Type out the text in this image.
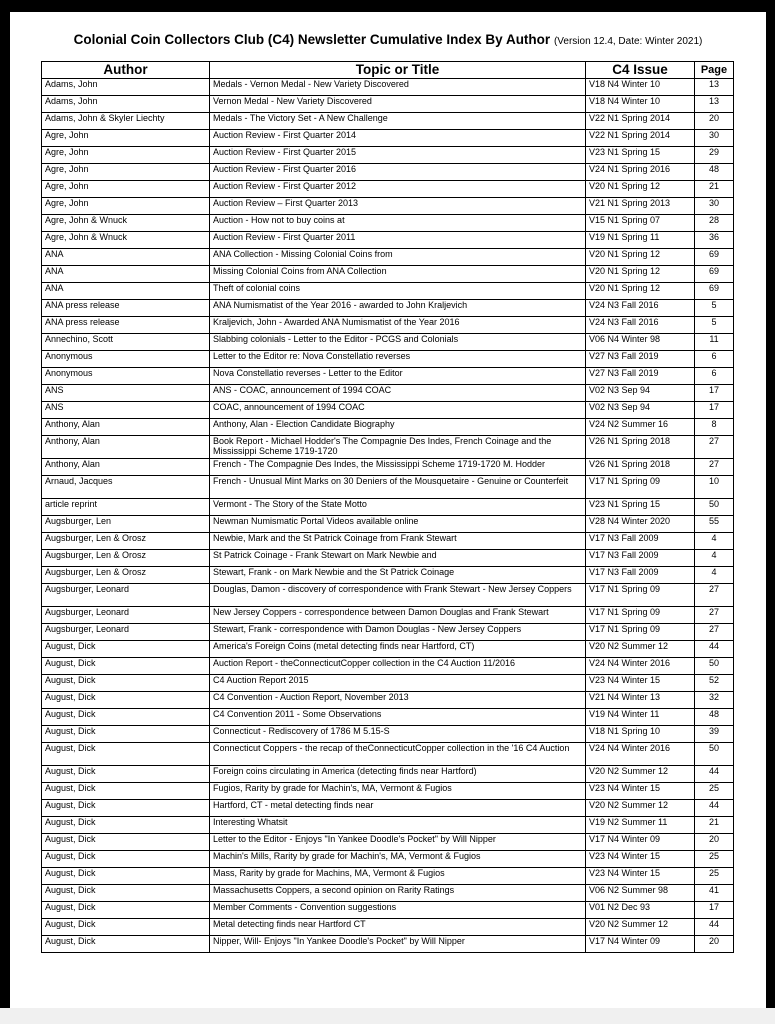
Colonial Coin Collectors Club (C4) Newsletter Cumulative Index By Author (Version 12.4, Date: Winter 2021)
Author	Topic or Title	C4 Issue	Page
Adams, John	Medals - Vernon Medal - New Variety Discovered	V18 N4 Winter 10	13
Adams, John	Vernon Medal - New Variety Discovered	V18 N4 Winter 10	13
Adams, John & Skyler Liechty	Medals - The Victory Set - A New Challenge	V22 N1 Spring 2014	20
Agre, John	Auction Review - First Quarter 2014	V22 N1 Spring 2014	30
Agre, John	Auction Review - First Quarter 2015	V23 N1 Spring 15	29
Agre, John	Auction Review - First Quarter 2016	V24 N1 Spring 2016	48
Agre, John	Auction Review - First Quarter 2012	V20 N1 Spring 12	21
Agre, John	Auction Review – First Quarter 2013	V21 N1 Spring 2013	30
Agre, John & Wnuck	Auction - How not to buy coins at	V15 N1 Spring 07	28
Agre, John & Wnuck	Auction Review - First Quarter 2011	V19 N1 Spring 11	36
ANA	ANA Collection - Missing Colonial Coins from	V20 N1 Spring 12	69
ANA	Missing Colonial Coins from ANA Collection	V20 N1 Spring 12	69
ANA	Theft of colonial coins	V20 N1 Spring 12	69
ANA press release	ANA Numismatist of the Year 2016 - awarded to John Kraljevich	V24 N3 Fall 2016	5
ANA press release	Kraljevich, John - Awarded ANA Numismatist of the Year 2016	V24 N3 Fall 2016	5
Annechino, Scott	Slabbing colonials - Letter to the Editor - PCGS and Colonials	V06 N4 Winter 98	11
Anonymous	Letter to the Editor re: Nova Constellatio reverses	V27 N3 Fall 2019	6
Anonymous	Nova Constellatio reverses - Letter to the Editor	V27 N3 Fall 2019	6
ANS	ANS - COAC, announcement of 1994 COAC	V02 N3 Sep 94	17
ANS	COAC, announcement of 1994 COAC	V02 N3 Sep 94	17
Anthony, Alan	Anthony, Alan - Election Candidate Biography	V24 N2 Summer 16	8
Anthony, Alan	Book Report - Michael Hodder's The Compagnie Des Indes, French Coinage and the Mississippi Scheme 1719-1720	V26 N1 Spring 2018	27
Anthony, Alan	French - The Compagnie Des Indes, the Mississippi Scheme 1719-1720 M. Hodder	V26 N1 Spring 2018	27
Arnaud, Jacques	French - Unusual Mint Marks on 30 Deniers of the Mousquetaire - Genuine or Counterfeit	V17 N1 Spring 09	10
article reprint	Vermont - The Story of the State Motto	V23 N1 Spring 15	50
Augsburger, Len	Newman Numismatic Portal Videos available online	V28 N4 Winter 2020	55
Augsburger, Len & Orosz	Newbie, Mark and the St Patrick Coinage from Frank Stewart	V17 N3 Fall 2009	4
Augsburger, Len & Orosz	St Patrick Coinage - Frank Stewart on Mark Newbie and	V17 N3 Fall 2009	4
Augsburger, Len & Orosz	Stewart, Frank - on Mark Newbie and the St Patrick Coinage	V17 N3 Fall 2009	4
Augsburger, Leonard	Douglas, Damon - discovery of correspondence with Frank Stewart - New Jersey Coppers	V17 N1 Spring 09	27
Augsburger, Leonard	New Jersey Coppers - correspondence between Damon Douglas and Frank Stewart	V17 N1 Spring 09	27
Augsburger, Leonard	Stewart, Frank - correspondence with Damon Douglas - New Jersey Coppers	V17 N1 Spring 09	27
August, Dick	America's Foreign Coins (metal detecting finds near Hartford, CT)	V20 N2 Summer 12	44
August, Dick	Auction Report - theConnecticutCopper collection in the C4 Auction 11/2016	V24 N4 Winter 2016	50
August, Dick	C4 Auction Report 2015	V23 N4 Winter 15	52
August, Dick	C4 Convention - Auction Report, November 2013	V21 N4 Winter 13	32
August, Dick	C4 Convention 2011 - Some Observations	V19 N4 Winter 11	48
August, Dick	Connecticut - Rediscovery of 1786 M 5.15-S	V18 N1 Spring 10	39
August, Dick	Connecticut Coppers - the recap of theConnecticutCopper collection in the '16 C4 Auction	V24 N4 Winter 2016	50
August, Dick	Foreign coins circulating in America (detecting finds near Hartford)	V20 N2 Summer 12	44
August, Dick	Fugios, Rarity by grade for Machin's, MA, Vermont & Fugios	V23 N4 Winter 15	25
August, Dick	Hartford, CT - metal detecting finds near	V20 N2 Summer 12	44
August, Dick	Interesting Whatsit	V19 N2 Summer 11	21
August, Dick	Letter to the Editor - Enjoys "In Yankee Doodle's Pocket" by Will Nipper	V17 N4 Winter 09	20
August, Dick	Machin's Mills, Rarity by grade for Machin's, MA, Vermont & Fugios	V23 N4 Winter 15	25
August, Dick	Mass, Rarity by grade for Machins, MA, Vermont & Fugios	V23 N4 Winter 15	25
August, Dick	Massachusetts Coppers, a second opinion on Rarity Ratings	V06 N2 Summer 98	41
August, Dick	Member Comments - Convention suggestions	V01 N2 Dec 93	17
August, Dick	Metal detecting finds near Hartford CT	V20 N2 Summer 12	44
August, Dick	Nipper, Will- Enjoys "In Yankee Doodle's Pocket" by Will Nipper	V17 N4 Winter 09	20
